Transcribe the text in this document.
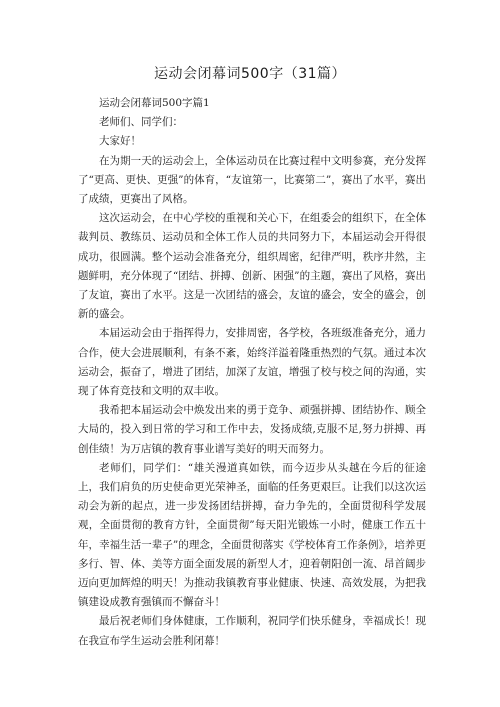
运动会闭幕词500字（31篇）

运动会闭幕词500字篇1

老师们、同学们：

大家好！

在为期一天的运动会上，全体运动员在比赛过程中文明参赛，充分发挥了“更高、更快、更强”的体育，“友谊第一，比赛第二”，赛出了水平，赛出了成绩，更赛出了风格。

这次运动会，在中心学校的重视和关心下，在组委会的组织下，在全体裁判员、教练员、运动员和全体工作人员的共同努力下，本届运动会开得很成功，很圆满。整个运动会准备充分，组织周密，纪律严明，秩序井然，主题鲜明，充分体现了“团结、拼搏、创新、困强”的主题，赛出了风格，赛出了友谊，赛出了水平。这是一次团结的盛会，友谊的盛会，安全的盛会，创新的盛会。

本届运动会由于指挥得力，安排周密，各学校，各班级准备充分，通力合作，使大会进展顺利，有条不紊，始终洋溢着隆重热烈的气氛。通过本次运动会，振奋了，增进了团结，加深了友谊，增强了校与校之间的沟通，实现了体育竞技和文明的双丰收。

我希把本届运动会中焕发出来的勇于竞争、顽强拼搏、团结协作、顾全大局的，投入到日常的学习和工作中去，发扬成绩,克服不足,努力拼搏、再创佳绩！为万店镇的教育事业谱写美好的明天而努力。

老师们，同学们：“雄关漫道真如铁，而今迈步从头越在今后的征途上，我们肩负的历史使命更光荣神圣，面临的任务更艰巨。让我们以这次运动会为新的起点，进一步发扬团结拼搏，奋力争先的，全面贯彻科学发展观，全面贯彻的教育方针，全面贯彻”每天阳光锻炼一小时，健康工作五十年，幸福生活一辈子”的理念，全面贯彻落实《学校体育工作条例》，培养更多行、智、体、美等方面全面发展的新型人才，迎着朝阳创一流、昂首阔步迈向更加辉煌的明天！为推动我镇教育事业健康、快速、高效发展，为把我镇建设成教育强镇而不懈奋斗！

最后祝老师们身体健康，工作顺利，祝同学们快乐健身，幸福成长！现在我宣布学生运动会胜利闭幕！
